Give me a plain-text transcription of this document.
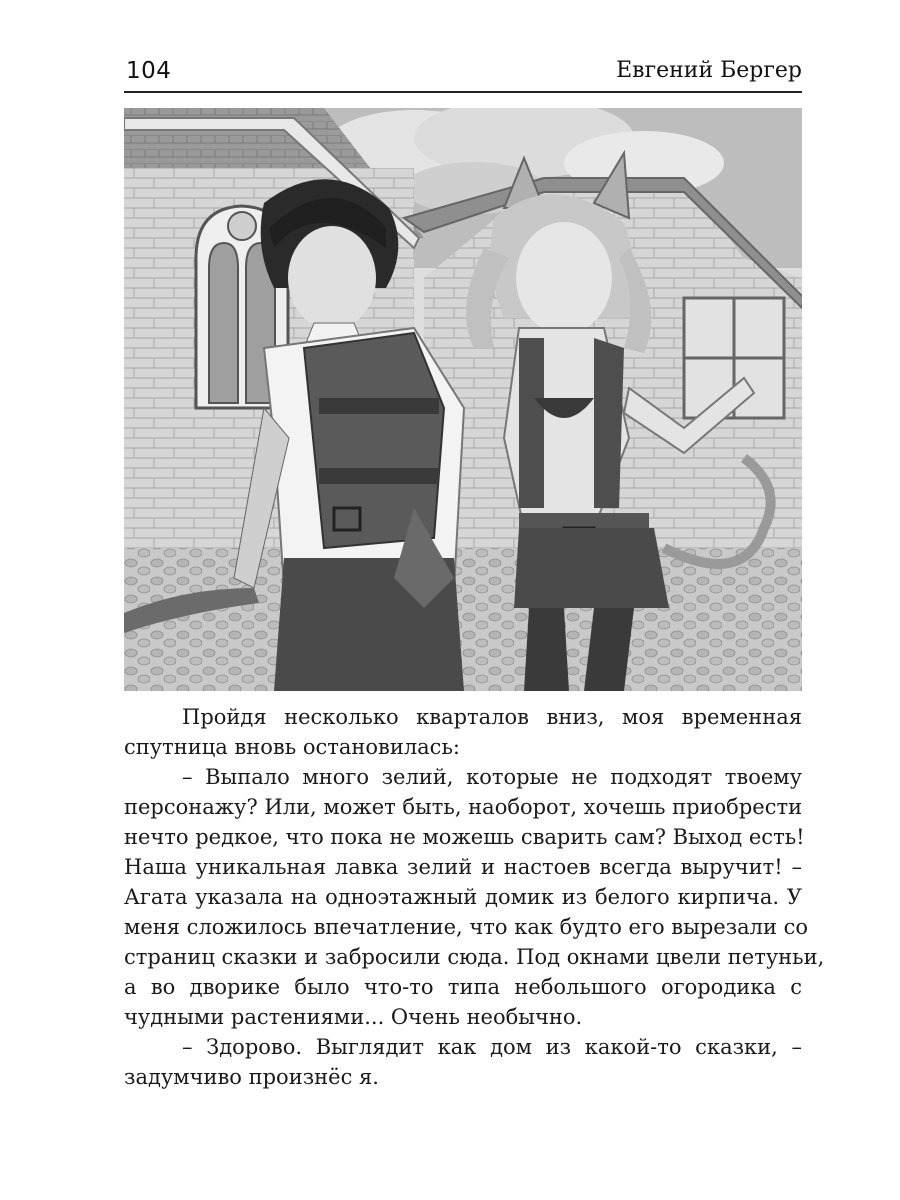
104	Евгений Бергер
Пройдя несколько кварталов вниз, моя временная
спутница вновь остановилась:
– Выпало много зелий, которые не подходят твоему
персонажу? Или, может быть, наоборот, хочешь приобрести
нечто редкое, что пока не можешь сварить сам? Выход есть!
Наша уникальная лавка зелий и настоев всегда выручит! –
Агата указала на одноэтажный домик из белого кирпича. У
меня сложилось впечатление, что как будто его вырезали со
страниц сказки и забросили сюда. Под окнами цвели петуньи,
а во дворике было что-то типа небольшого огородика с
чудными растениями... Очень необычно.
– Здорово. Выглядит как дом из какой-то сказки, –
задумчиво произнёс я.
